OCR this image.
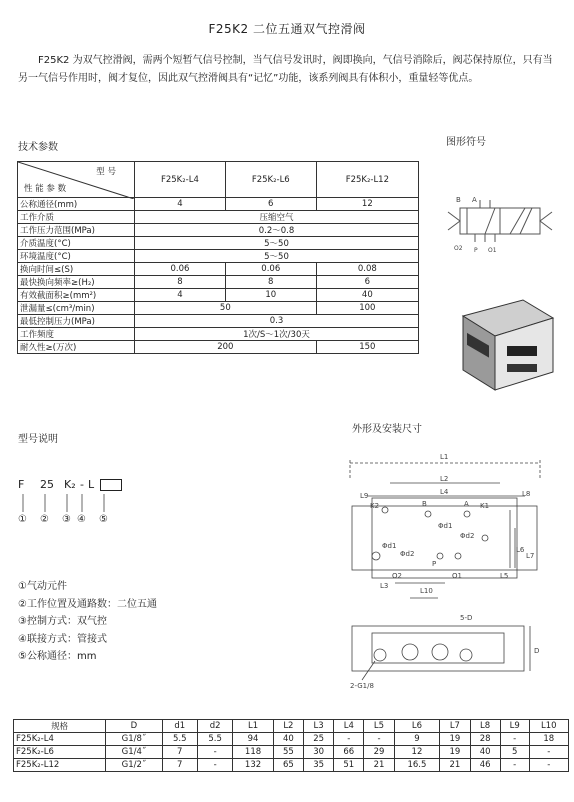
F25K2 二位五通双气控滑阀
F25K2 为双气控滑阀，需两个短暂气信号控制，当气信号发讯时，阀即换向，气信号消除后，阀芯保持原位，只有当另一气信号作用时，阀才复位，因此双气控滑阀具有“记忆”功能，该系列阀具有体积小，重量轻等优点。
技术参数	图形符号
型号说明
外形及安装尺寸
型 号
性 能 参 数	F25K₂-L4	F25K₂-L6	F25K₂-L12
公称通径(mm)	4	6	12
工作介质	压缩空气		
工作压力范围(MPa)	0.2～0.8		
介质温度(°C)	5～50		
环境温度(°C)	5～50		
换向时间≤(S)	0.06	0.06	0.08
最快换向频率≥(H₂)	8	8	6
有效截面积≥(mm²)	4	10	40
泄漏量≤(cm³/min)	50		100
最低控制压力(MPa)	0.3		
工作频度	1次/S～1次/30天		
耐久性≥(万次)	200		150
B A
O2 P O1
F 25 K₂ - L
① ② ③ ④ ⑤
①气动元件
②工作位置及通路数：二位五通
③控制方式：双气控
④联接方式：管接式
⑤公称通径：mm
L1
L2
L4	L8
L9
K2	K1
B	A
Φd1
Φd1
Φd2
Φd2
O2
P
O1
L3
L10
L5
L6
L7
5-D
D
2-G1/8
规格	D	d1	d2	L1	L2	L3	L4	L5	L6	L7	L8	L9	L10
F25K₂-L4	G1/8˝	5.5	5.5	94	40	25	-	-	9	19	28	-	18
F25K₂-L6	G1/4˝	7	-	118	55	30	66	29	12	19	40	5	-
F25K₂-L12	G1/2˝	7	-	132	65	35	51	21	16.5	21	46	-	-
